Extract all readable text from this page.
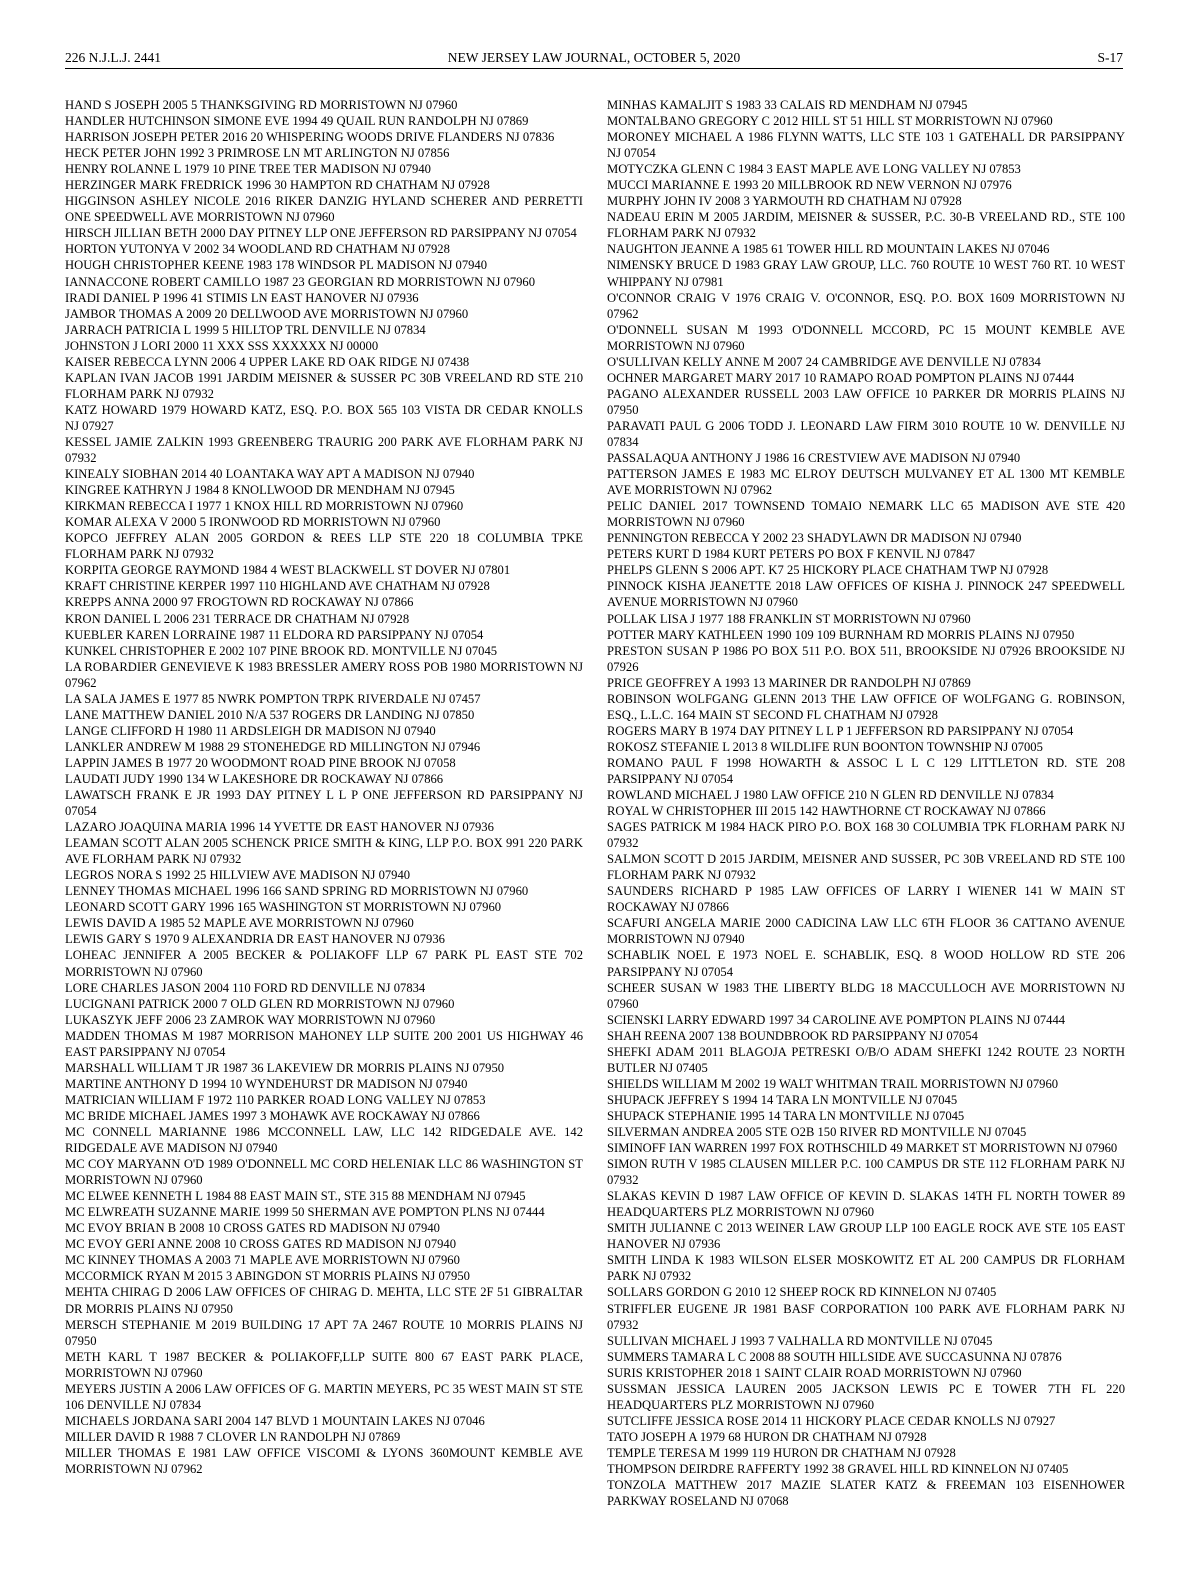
226 N.J.L.J. 2441	NEW JERSEY LAW JOURNAL, OCTOBER 5, 2020	S-17

HAND S JOSEPH 2005 5 THANKSGIVING RD MORRISTOWN NJ 07960

HANDLER HUTCHINSON SIMONE EVE 1994 49 QUAIL RUN RANDOLPH NJ 07869

HARRISON JOSEPH PETER 2016 20 WHISPERING WOODS DRIVE FLANDERS NJ 07836

HECK PETER JOHN 1992 3 PRIMROSE LN MT ARLINGTON NJ 07856

HENRY ROLANNE L 1979 10 PINE TREE TER MADISON NJ 07940

HERZINGER MARK FREDRICK 1996 30 HAMPTON RD CHATHAM NJ 07928

HIGGINSON ASHLEY NICOLE 2016 RIKER DANZIG HYLAND SCHERER AND PERRETTI ONE SPEEDWELL AVE MORRISTOWN NJ 07960

HIRSCH JILLIAN BETH 2000 DAY PITNEY LLP ONE JEFFERSON RD PARSIPPANY NJ 07054

HORTON YUTONYA V 2002 34 WOODLAND RD CHATHAM NJ 07928

HOUGH CHRISTOPHER KEENE 1983 178 WINDSOR PL MADISON NJ 07940

IANNACCONE ROBERT CAMILLO 1987 23 GEORGIAN RD MORRISTOWN NJ 07960

IRADI DANIEL P 1996 41 STIMIS LN EAST HANOVER NJ 07936

JAMBOR THOMAS A 2009 20 DELLWOOD AVE MORRISTOWN NJ 07960

JARRACH PATRICIA L 1999 5 HILLTOP TRL DENVILLE NJ 07834

JOHNSTON J LORI 2000 11 XXX SSS XXXXXX NJ 00000

KAISER REBECCA LYNN 2006 4 UPPER LAKE RD OAK RIDGE NJ 07438

KAPLAN IVAN JACOB 1991 JARDIM MEISNER & SUSSER PC 30B VREELAND RD STE 210 FLORHAM PARK NJ 07932

KATZ HOWARD 1979 HOWARD KATZ, ESQ. P.O. BOX 565 103 VISTA DR CEDAR KNOLLS NJ 07927

KESSEL JAMIE ZALKIN 1993 GREENBERG TRAURIG 200 PARK AVE FLORHAM PARK NJ 07932

KINEALY SIOBHAN 2014 40 LOANTAKA WAY APT A MADISON NJ 07940

KINGREE KATHRYN J 1984 8 KNOLLWOOD DR MENDHAM NJ 07945

KIRKMAN REBECCA I 1977 1 KNOX HILL RD MORRISTOWN NJ 07960

KOMAR ALEXA V 2000 5 IRONWOOD RD MORRISTOWN NJ 07960

KOPCO JEFFREY ALAN 2005 GORDON & REES LLP STE 220 18 COLUMBIA TPKE FLORHAM PARK NJ 07932

KORPITA GEORGE RAYMOND 1984 4 WEST BLACKWELL ST DOVER NJ 07801

KRAFT CHRISTINE KERPER 1997 110 HIGHLAND AVE CHATHAM NJ 07928

KREPPS ANNA 2000 97 FROGTOWN RD ROCKAWAY NJ 07866

KRON DANIEL L 2006 231 TERRACE DR CHATHAM NJ 07928

KUEBLER KAREN LORRAINE 1987 11 ELDORA RD PARSIPPANY NJ 07054

KUNKEL CHRISTOPHER E 2002 107 PINE BROOK RD. MONTVILLE NJ 07045

LA ROBARDIER GENEVIEVE K 1983 BRESSLER AMERY ROSS POB 1980 MORRISTOWN NJ 07962

LA SALA JAMES E 1977 85 NWRK POMPTON TRPK RIVERDALE NJ 07457

LANE MATTHEW DANIEL 2010 N/A 537 ROGERS DR LANDING NJ 07850

LANGE CLIFFORD H 1980 11 ARDSLEIGH DR MADISON NJ 07940

LANKLER ANDREW M 1988 29 STONEHEDGE RD MILLINGTON NJ 07946

LAPPIN JAMES B 1977 20 WOODMONT ROAD PINE BROOK NJ 07058

LAUDATI JUDY 1990 134 W LAKESHORE DR ROCKAWAY NJ 07866

LAWATSCH FRANK E JR 1993 DAY PITNEY L L P ONE JEFFERSON RD PARSIPPANY NJ 07054

LAZARO JOAQUINA MARIA 1996 14 YVETTE DR EAST HANOVER NJ 07936

LEAMAN SCOTT ALAN 2005 SCHENCK PRICE SMITH & KING, LLP P.O. BOX 991 220 PARK AVE FLORHAM PARK NJ 07932

LEGROS NORA S 1992 25 HILLVIEW AVE MADISON NJ 07940

LENNEY THOMAS MICHAEL 1996 166 SAND SPRING RD MORRISTOWN NJ 07960

LEONARD SCOTT GARY 1996 165 WASHINGTON ST MORRISTOWN NJ 07960

LEWIS DAVID A 1985 52 MAPLE AVE MORRISTOWN NJ 07960

LEWIS GARY S 1970 9 ALEXANDRIA DR EAST HANOVER NJ 07936

LOHEAC JENNIFER A 2005 BECKER & POLIAKOFF LLP 67 PARK PL EAST STE 702 MORRISTOWN NJ 07960

LORE CHARLES JASON 2004 110 FORD RD DENVILLE NJ 07834

LUCIGNANI PATRICK 2000 7 OLD GLEN RD MORRISTOWN NJ 07960

LUKASZYK JEFF 2006 23 ZAMROK WAY MORRISTOWN NJ 07960

MADDEN THOMAS M 1987 MORRISON MAHONEY LLP SUITE 200 2001 US HIGHWAY 46 EAST PARSIPPANY NJ 07054

MARSHALL WILLIAM T JR 1987 36 LAKEVIEW DR MORRIS PLAINS NJ 07950

MARTINE ANTHONY D 1994 10 WYNDEHURST DR MADISON NJ 07940

MATRICIAN WILLIAM F 1972 110 PARKER ROAD LONG VALLEY NJ 07853

MC BRIDE MICHAEL JAMES 1997 3 MOHAWK AVE ROCKAWAY NJ 07866

MC CONNELL MARIANNE 1986 MCCONNELL LAW, LLC 142 RIDGEDALE AVE. 142 RIDGEDALE AVE MADISON NJ 07940

MC COY MARYANN O'D 1989 O'DONNELL MC CORD HELENIAK LLC 86 WASHINGTON ST MORRISTOWN NJ 07960

MC ELWEE KENNETH L 1984 88 EAST MAIN ST., STE 315 88 MENDHAM NJ 07945

MC ELWREATH SUZANNE MARIE 1999 50 SHERMAN AVE POMPTON PLNS NJ 07444

MC EVOY BRIAN B 2008 10 CROSS GATES RD MADISON NJ 07940

MC EVOY GERI ANNE 2008 10 CROSS GATES RD MADISON NJ 07940

MC KINNEY THOMAS A 2003 71 MAPLE AVE MORRISTOWN NJ 07960

MCCORMICK RYAN M 2015 3 ABINGDON ST MORRIS PLAINS NJ 07950

MEHTA CHIRAG D 2006 LAW OFFICES OF CHIRAG D. MEHTA, LLC STE 2F 51 GIBRALTAR DR MORRIS PLAINS NJ 07950

MERSCH STEPHANIE M 2019 BUILDING 17 APT 7A 2467 ROUTE 10 MORRIS PLAINS NJ 07950

METH KARL T 1987 BECKER & POLIAKOFF,LLP SUITE 800 67 EAST PARK PLACE, MORRISTOWN NJ 07960

MEYERS JUSTIN A 2006 LAW OFFICES OF G. MARTIN MEYERS, PC 35 WEST MAIN ST STE 106 DENVILLE NJ 07834

MICHAELS JORDANA SARI 2004 147 BLVD 1 MOUNTAIN LAKES NJ 07046

MILLER DAVID R 1988 7 CLOVER LN RANDOLPH NJ 07869

MILLER THOMAS E 1981 LAW OFFICE VISCOMI & LYONS 360MOUNT KEMBLE AVE MORRISTOWN NJ 07962

MINHAS KAMALJIT S 1983 33 CALAIS RD MENDHAM NJ 07945

MONTALBANO GREGORY C 2012 HILL ST 51 HILL ST MORRISTOWN NJ 07960

MORONEY MICHAEL A 1986 FLYNN WATTS, LLC STE 103 1 GATEHALL DR PARSIPPANY NJ 07054

MOTYCZKA GLENN C 1984 3 EAST MAPLE AVE LONG VALLEY NJ 07853

MUCCI MARIANNE E 1993 20 MILLBROOK RD NEW VERNON NJ 07976

MURPHY JOHN IV 2008 3 YARMOUTH RD CHATHAM NJ 07928

NADEAU ERIN M 2005 JARDIM, MEISNER & SUSSER, P.C. 30-B VREELAND RD., STE 100 FLORHAM PARK NJ 07932

NAUGHTON JEANNE A 1985 61 TOWER HILL RD MOUNTAIN LAKES NJ 07046

NIMENSKY BRUCE D 1983 GRAY LAW GROUP, LLC. 760 ROUTE 10 WEST 760 RT. 10 WEST WHIPPANY NJ 07981

O'CONNOR CRAIG V 1976 CRAIG V. O'CONNOR, ESQ. P.O. BOX 1609 MORRISTOWN NJ 07962

O'DONNELL SUSAN M 1993 O'DONNELL MCCORD, PC 15 MOUNT KEMBLE AVE MORRISTOWN NJ 07960

O'SULLIVAN KELLY ANNE M 2007 24 CAMBRIDGE AVE DENVILLE NJ 07834

OCHNER MARGARET MARY 2017 10 RAMAPO ROAD POMPTON PLAINS NJ 07444

PAGANO ALEXANDER RUSSELL 2003 LAW OFFICE 10 PARKER DR MORRIS PLAINS NJ 07950

PARAVATI PAUL G 2006 TODD J. LEONARD LAW FIRM 3010 ROUTE 10 W. DENVILLE NJ 07834

PASSALAQUA ANTHONY J 1986 16 CRESTVIEW AVE MADISON NJ 07940

PATTERSON JAMES E 1983 MC ELROY DEUTSCH MULVANEY ET AL 1300 MT KEMBLE AVE MORRISTOWN NJ 07962

PELIC DANIEL 2017 TOWNSEND TOMAIO NEMARK LLC 65 MADISON AVE STE 420 MORRISTOWN NJ 07960

PENNINGTON REBECCA Y 2002 23 SHADYLAWN DR MADISON NJ 07940

PETERS KURT D 1984 KURT PETERS PO BOX F KENVIL NJ 07847

PHELPS GLENN S 2006 APT. K7 25 HICKORY PLACE CHATHAM TWP NJ 07928

PINNOCK KISHA JEANETTE 2018 LAW OFFICES OF KISHA J. PINNOCK 247 SPEEDWELL AVENUE MORRISTOWN NJ 07960

POLLAK LISA J 1977 188 FRANKLIN ST MORRISTOWN NJ 07960

POTTER MARY KATHLEEN 1990 109 109 BURNHAM RD MORRIS PLAINS NJ 07950

PRESTON SUSAN P 1986 PO BOX 511 P.O. BOX 511, BROOKSIDE NJ 07926 BROOKSIDE NJ 07926

PRICE GEOFFREY A 1993 13 MARINER DR RANDOLPH NJ 07869

ROBINSON WOLFGANG GLENN 2013 THE LAW OFFICE OF WOLFGANG G. ROBINSON, ESQ., L.L.C. 164 MAIN ST SECOND FL CHATHAM NJ 07928

ROGERS MARY B 1974 DAY PITNEY L L P 1 JEFFERSON RD PARSIPPANY NJ 07054

ROKOSZ STEFANIE L 2013 8 WILDLIFE RUN BOONTON TOWNSHIP NJ 07005

ROMANO PAUL F 1998 HOWARTH & ASSOC L L C 129 LITTLETON RD. STE 208 PARSIPPANY NJ 07054

ROWLAND MICHAEL J 1980 LAW OFFICE 210 N GLEN RD DENVILLE NJ 07834

ROYAL W CHRISTOPHER III 2015 142 HAWTHORNE CT ROCKAWAY NJ 07866

SAGES PATRICK M 1984 HACK PIRO P.O. BOX 168 30 COLUMBIA TPK FLORHAM PARK NJ 07932

SALMON SCOTT D 2015 JARDIM, MEISNER AND SUSSER, PC 30B VREELAND RD STE 100 FLORHAM PARK NJ 07932

SAUNDERS RICHARD P 1985 LAW OFFICES OF LARRY I WIENER 141 W MAIN ST ROCKAWAY NJ 07866

SCAFURI ANGELA MARIE 2000 CADICINA LAW LLC 6TH FLOOR 36 CATTANO AVENUE MORRISTOWN NJ 07940

SCHABLIK NOEL E 1973 NOEL E. SCHABLIK, ESQ. 8 WOOD HOLLOW RD STE 206 PARSIPPANY NJ 07054

SCHEER SUSAN W 1983 THE LIBERTY BLDG 18 MACCULLOCH AVE MORRISTOWN NJ 07960

SCIENSKI LARRY EDWARD 1997 34 CAROLINE AVE POMPTON PLAINS NJ 07444

SHAH REENA 2007 138 BOUNDBROOK RD PARSIPPANY NJ 07054

SHEFKI ADAM 2011 BLAGOJA PETRESKI O/B/O ADAM SHEFKI 1242 ROUTE 23 NORTH BUTLER NJ 07405

SHIELDS WILLIAM M 2002 19 WALT WHITMAN TRAIL MORRISTOWN NJ 07960

SHUPACK JEFFREY S 1994 14 TARA LN MONTVILLE NJ 07045

SHUPACK STEPHANIE 1995 14 TARA LN MONTVILLE NJ 07045

SILVERMAN ANDREA 2005 STE O2B 150 RIVER RD MONTVILLE NJ 07045

SIMINOFF IAN WARREN 1997 FOX ROTHSCHILD 49 MARKET ST MORRISTOWN NJ 07960

SIMON RUTH V 1985 CLAUSEN MILLER P.C. 100 CAMPUS DR STE 112 FLORHAM PARK NJ 07932

SLAKAS KEVIN D 1987 LAW OFFICE OF KEVIN D. SLAKAS 14TH FL NORTH TOWER 89 HEADQUARTERS PLZ MORRISTOWN NJ 07960

SMITH JULIANNE C 2013 WEINER LAW GROUP LLP 100 EAGLE ROCK AVE STE 105 EAST HANOVER NJ 07936

SMITH LINDA K 1983 WILSON ELSER MOSKOWITZ ET AL 200 CAMPUS DR FLORHAM PARK NJ 07932

SOLLARS GORDON G 2010 12 SHEEP ROCK RD KINNELON NJ 07405

STRIFFLER EUGENE JR 1981 BASF CORPORATION 100 PARK AVE FLORHAM PARK NJ 07932

SULLIVAN MICHAEL J 1993 7 VALHALLA RD MONTVILLE NJ 07045

SUMMERS TAMARA L C 2008 88 SOUTH HILLSIDE AVE SUCCASUNNA NJ 07876

SURIS KRISTOPHER 2018 1 SAINT CLAIR ROAD MORRISTOWN NJ 07960

SUSSMAN JESSICA LAUREN 2005 JACKSON LEWIS PC E TOWER 7TH FL 220 HEADQUARTERS PLZ MORRISTOWN NJ 07960

SUTCLIFFE JESSICA ROSE 2014 11 HICKORY PLACE CEDAR KNOLLS NJ 07927

TATO JOSEPH A 1979 68 HURON DR CHATHAM NJ 07928

TEMPLE TERESA M 1999 119 HURON DR CHATHAM NJ 07928

THOMPSON DEIRDRE RAFFERTY 1992 38 GRAVEL HILL RD KINNELON NJ 07405

TONZOLA MATTHEW 2017 MAZIE SLATER KATZ & FREEMAN 103 EISENHOWER PARKWAY ROSELAND NJ 07068
